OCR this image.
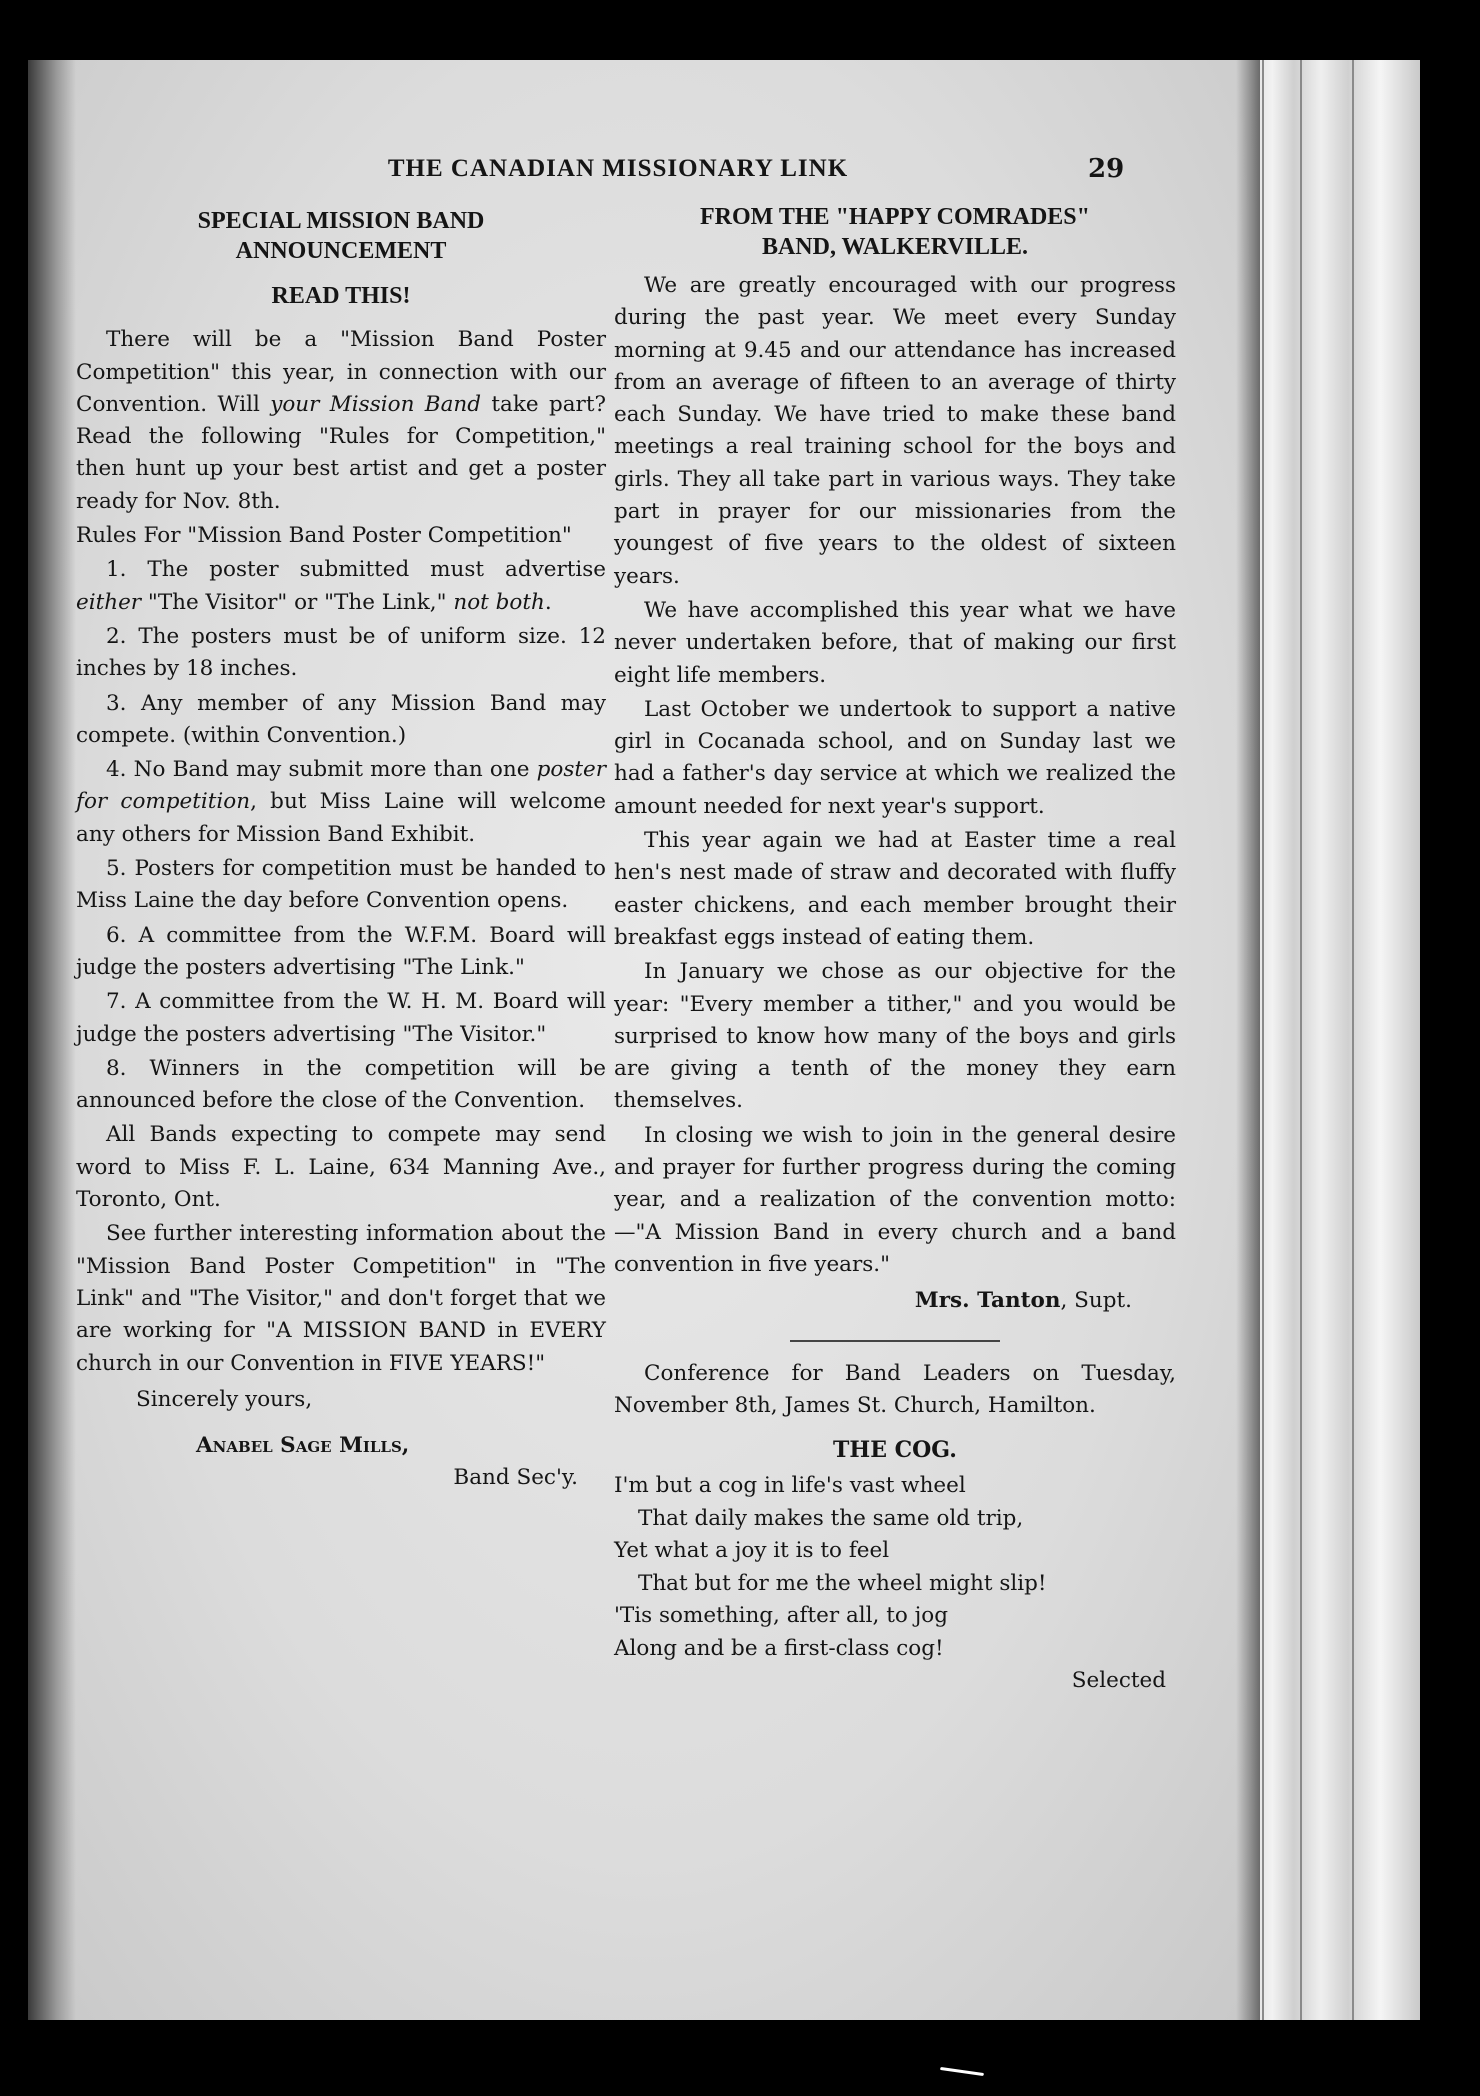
THE CANADIAN MISSIONARY LINK	29
SPECIAL MISSION BAND
ANNOUNCEMENT
READ THIS!

There will be a "Mission Band Poster Competition" this year, in connection with our Convention. Will your Mission Band take part? Read the following "Rules for Competition," then hunt up your best artist and get a poster ready for Nov. 8th.

Rules For "Mission Band Poster Competition"

1. The poster submitted must advertise either "The Visitor" or "The Link," not both.

2. The posters must be of uniform size. 12 inches by 18 inches.

3. Any member of any Mission Band may compete. (within Convention.)

4. No Band may submit more than one poster for competition, but Miss Laine will welcome any others for Mission Band Exhibit.

5. Posters for competition must be handed to Miss Laine the day before Convention opens.

6. A committee from the W.F.M. Board will judge the posters advertising "The Link."

7. A committee from the W. H. M. Board will judge the posters advertising "The Visitor."

8. Winners in the competition will be announced before the close of the Convention.

All Bands expecting to compete may send word to Miss F. L. Laine, 634 Manning Ave., Toronto, Ont.

See further interesting information about the "Mission Band Poster Competition" in "The Link" and "The Visitor," and don't forget that we are working for "A MISSION BAND in EVERY church in our Convention in FIVE YEARS!"

Sincerely yours,
Anabel Sage Mills,
Band Sec'y.
FROM THE "HAPPY COMRADES"
BAND, WALKERVILLE.

We are greatly encouraged with our progress during the past year. We meet every Sunday morning at 9.45 and our attendance has increased from an average of fifteen to an average of thirty each Sunday. We have tried to make these band meetings a real training school for the boys and girls. They all take part in various ways. They take part in prayer for our missionaries from the youngest of five years to the oldest of sixteen years.

We have accomplished this year what we have never undertaken before, that of making our first eight life members.

Last October we undertook to support a native girl in Cocanada school, and on Sunday last we had a father's day service at which we realized the amount needed for next year's support.

This year again we had at Easter time a real hen's nest made of straw and decorated with fluffy easter chickens, and each member brought their breakfast eggs instead of eating them.

In January we chose as our objective for the year: "Every member a tither," and you would be surprised to know how many of the boys and girls are giving a tenth of the money they earn themselves.

In closing we wish to join in the general desire and prayer for further progress during the coming year, and a realization of the convention motto:—"A Mission Band in every church and a band convention in five years."

Mrs. Tanton, Supt.

Conference for Band Leaders on Tuesday, November 8th, James St. Church, Hamilton.

THE COG.
I'm but a cog in life's vast wheel
That daily makes the same old trip,
Yet what a joy it is to feel
That but for me the wheel might slip!
'Tis something, after all, to jog
Along and be a first-class cog!
Selected
